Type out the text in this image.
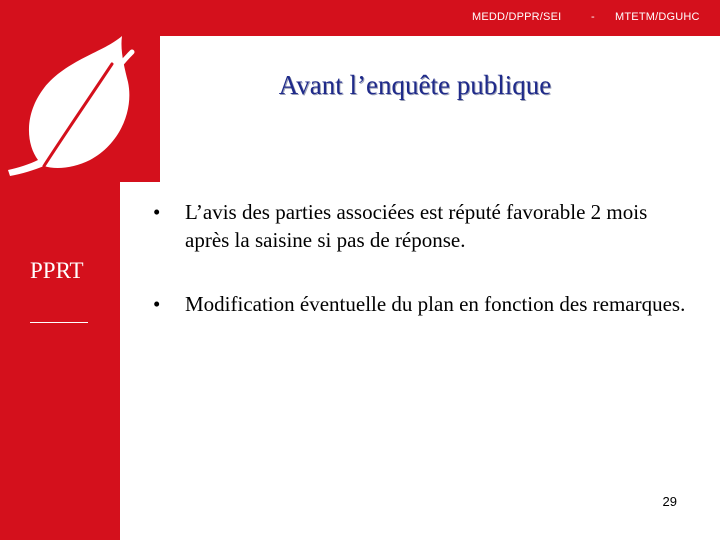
MEDD/DPPR/SEI	- MTETM/DGUHC
Avant l’enquête publique
PPRT
• L’avis des parties associées est réputé favorable 2 mois après la saisine si pas de réponse.
• Modification éventuelle du plan en fonction des remarques.
29
